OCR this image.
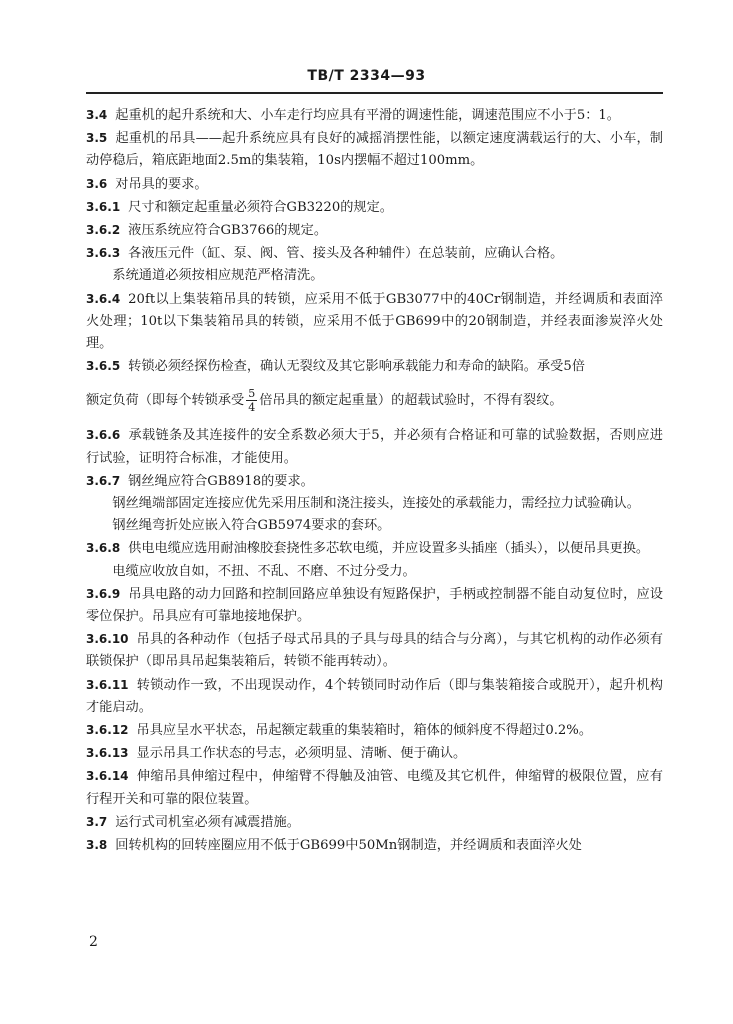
TB/T 2334—93

3.4 起重机的起升系统和大、小车走行均应具有平滑的调速性能，调速范围应不小于5：1。

3.5 起重机的吊具——起升系统应具有良好的减摇消摆性能，以额定速度满载运行的大、小车，制动停稳后，箱底距地面2.5m的集装箱，10s内摆幅不超过100mm。

3.6 对吊具的要求。

3.6.1 尺寸和额定起重量必须符合GB3220的规定。

3.6.2 液压系统应符合GB3766的规定。

3.6.3 各液压元件（缸、泵、阀、管、接头及各种辅件）在总装前，应确认合格。

系统通道必须按相应规范严格清洗。

3.6.4 20ft以上集装箱吊具的转锁，应采用不低于GB3077中的40Cr钢制造，并经调质和表面淬火处理；10t以下集装箱吊具的转锁，应采用不低于GB699中的20钢制造，并经表面渗炭淬火处理。

3.6.5 转锁必须经探伤检查，确认无裂纹及其它影响承载能力和寿命的缺陷。承受5倍

额定负荷（即每个转锁承受 $\frac{5}{4}$ 倍吊具的额定起重量）的超载试验时，不得有裂纹。

3.6.6 承载链条及其连接件的安全系数必须大于5，并必须有合格证和可靠的试验数据，否则应进行试验，证明符合标准，才能使用。

3.6.7 钢丝绳应符合GB8918的要求。

钢丝绳端部固定连接应优先采用压制和浇注接头，连接处的承载能力，需经拉力试验确认。

钢丝绳弯折处应嵌入符合GB5974要求的套环。

3.6.8 供电电缆应选用耐油橡胶套挠性多芯软电缆，并应设置多头插座（插头），以便吊具更换。

电缆应收放自如，不扭、不乱、不磨、不过分受力。

3.6.9 吊具电路的动力回路和控制回路应单独设有短路保护，手柄或控制器不能自动复位时，应设零位保护。吊具应有可靠地接地保护。

3.6.10 吊具的各种动作（包括子母式吊具的子具与母具的结合与分离），与其它机构的动作必须有联锁保护（即吊具吊起集装箱后，转锁不能再转动）。

3.6.11 转锁动作一致，不出现误动作，4个转锁同时动作后（即与集装箱接合或脱开），起升机构才能启动。

3.6.12 吊具应呈水平状态，吊起额定载重的集装箱时，箱体的倾斜度不得超过0.2%。

3.6.13 显示吊具工作状态的号志，必须明显、清晰、便于确认。

3.6.14 伸缩吊具伸缩过程中，伸缩臂不得触及油管、电缆及其它机件，伸缩臂的极限位置，应有行程开关和可靠的限位装置。

3.7 运行式司机室必须有减震措施。

3.8 回转机构的回转座圈应用不低于GB699中50Mn钢制造，并经调质和表面淬火处

2
